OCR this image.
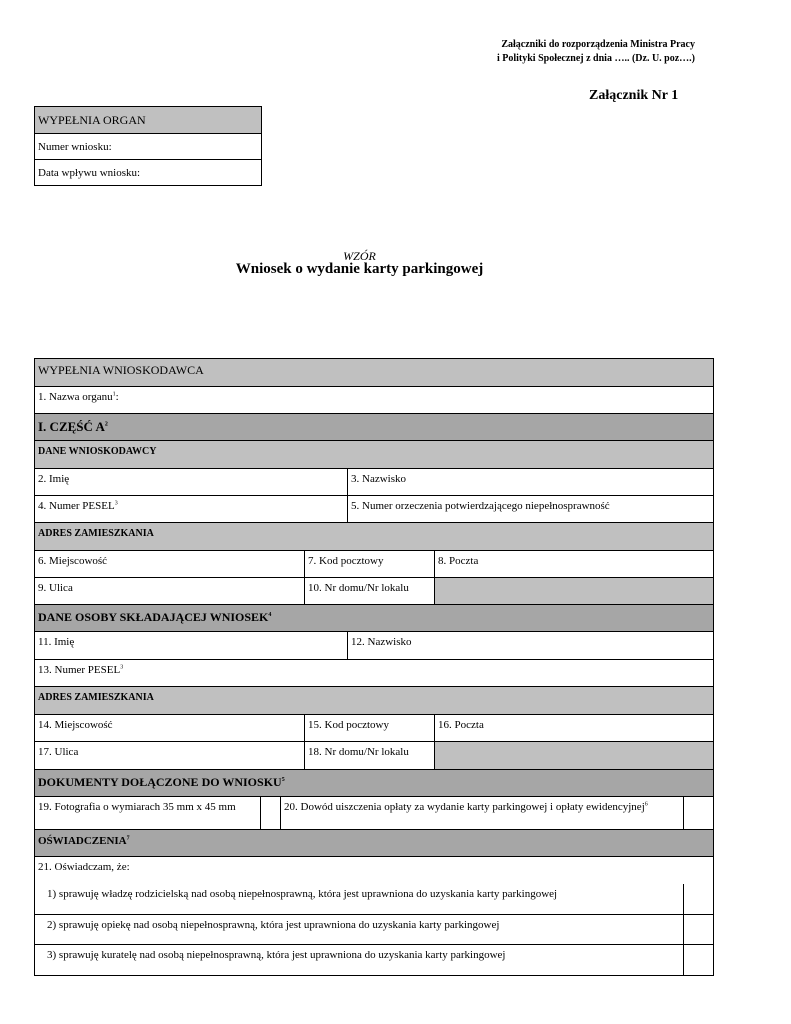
Załączniki do rozporządzenia Ministra Pracy
i Polityki Społecznej z dnia ….. (Dz. U. poz….)
Załącznik Nr 1
WYPEŁNIA ORGAN
Numer wniosku:
Data wpływu wniosku:
WZÓR
Wniosek o wydanie karty parkingowej
WYPEŁNIA WNIOSKODAWCA
1. Nazwa organu$^1$:
I. CZĘŚĆ $A^2$
DANE WNIOSKODAWCY
2. Imię	3. Nazwisko
4. Numer PESEL$^3$	5. Numer orzeczenia potwierdzającego niepełnosprawność
ADRES ZAMIESZKANIA
6. Miejscowość	7. Kod pocztowy	8. Poczta
9. Ulica	10. Nr domu/Nr lokalu
DANE OSOBY SKŁADAJĄCEJ WNIOSEK$^4$
11. Imię	12. Nazwisko
13. Numer PESEL$^3$
ADRES ZAMIESZKANIA
14. Miejscowość	15. Kod pocztowy	16. Poczta
17. Ulica	18. Nr domu/Nr lokalu
DOKUMENTY DOŁĄCZONE DO WNIOSKU$^5$
19. Fotografia o wymiarach 35 mm x 45 mm	20. Dowód uiszczenia opłaty za wydanie karty parkingowej i opłaty ewidencyjnej$^6$
OŚWIADCZENIA$^7$
21. Oświadczam, że:
1) sprawuję władzę rodzicielską nad osobą niepełnosprawną, która jest uprawniona do uzyskania karty parkingowej
2) sprawuję opiekę nad osobą niepełnosprawną, która jest uprawniona do uzyskania karty parkingowej
3) sprawuję kuratelę nad osobą niepełnosprawną, która jest uprawniona do uzyskania karty parkingowej
